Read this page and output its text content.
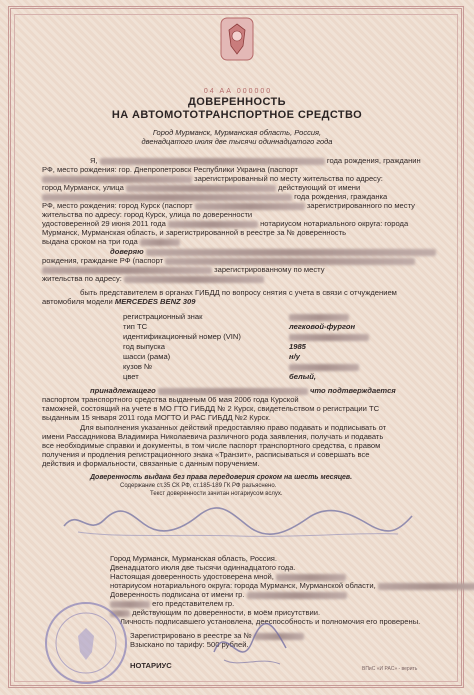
04 АА 000000
ДОВЕРЕННОСТЬ
НА АВТОМОТОТРАНСПОРТНОЕ СРЕДСТВО
Город Мурманск, Мурманская область, Россия,
двенадцатого июля две тысячи одиннадцатого года
Я,	года рождения, гражданин
РФ, место рождения: гор. Днепропетровск Республики Украина (паспорт
зарегистрированный по месту жительства по адресу:
город Мурманск, улица	действующий от имени
года рождения, гражданка
РФ, место рождения: город Курск (паспорт	зарегистрированного по месту
жительства по адресу: город Курск, улица по доверенности
удостоверенной 29 июня 2011 года	нотариусом нотариального округа: города
Мурманск, Мурманская область, и зарегистрированной в реестре за № доверенность
выдана сроком на три года
доверяю
рождения, гражданке РФ (паспорт
зарегистрированному по месту
жительства по адресу:
быть представителем в органах ГИБДД по вопросу снятия с учета в связи с отчуждением
автомобиля модели MERCEDES BENZ 309
регистрационный знак
тип ТС	легковой-фургон
идентификационный номер (VIN)
год выпуска	1985
шасси (рама)	н/у
кузов №
цвет	белый,
принадлежащего	что подтверждается
паспортом транспортного средства выданным 06 мая 2006 года Курской
таможней, состоящий на учете в МО ГТО ГИБДД № 2 Курск, свидетельством о регистрации ТС
выданным 15 января 2011 года МОГТО И РАС ГИБДД №2 Курск.
Для выполнения указанных действий предоставляю право подавать и подписывать от
имени Рассадникова Владимира Николаевича различного рода заявления, получать и подавать
все необходимые справки и документы, в том числе паспорт транспортного средства, с правом
получения и продления регистрационного знака «Транзит», расписываться и совершать все
действия и формальности, связанные с данным поручением.
Доверенность выдана без права передоверия сроком на шесть месяцев.
Содержание ст.35 СК РФ, ст.185-189 ГК РФ разъяснено.
Текст доверенности зачитан нотариусом вслух.
Город Мурманск, Мурманская область, Россия.
Двенадцатого июля две тысячи одиннадцатого года.
Настоящая доверенность удостоверена мной,
нотариусом нотариального округа: города Мурманск, Мурманской области,
Доверенность подписана от имени гр.
его представителем гр.
действующим по доверенности, в моём присутствии.
Личность подписавшего установлена, дееспособность и полномочия его проверены.
Зарегистрировано в реестре за №
Взыскано по тарифу: 500 рублей.
НОТАРИУС	ВПиС «И РАС» - верить
